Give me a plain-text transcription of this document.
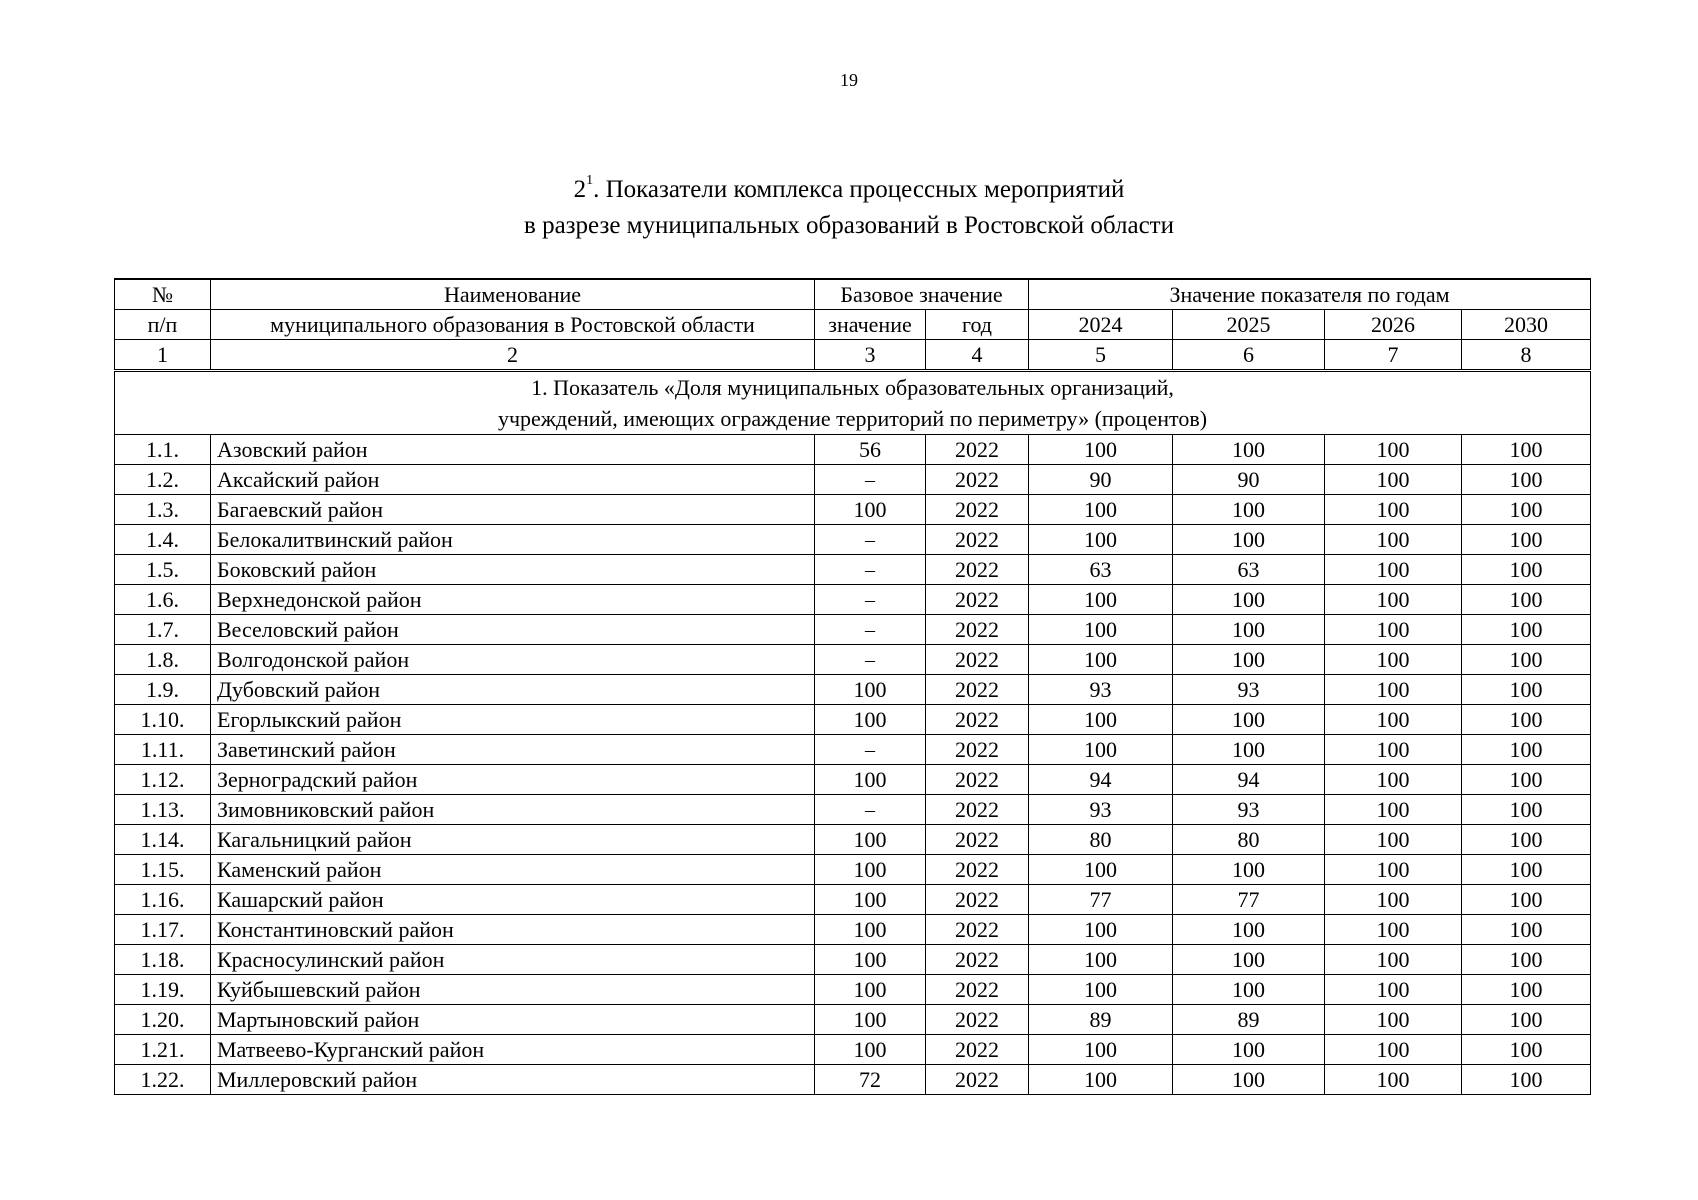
19
$2^1$. Показатели комплекса процессных мероприятий
в разрезе муниципальных образований в Ростовской области
№	Наименование	Базовое значение		Значение показателя по годам			
п/п	муниципального образования в Ростовской области	значение	год	2024	2025	2026	2030
1	2	3	4	5	6	7	8

1. Показатель «Доля муниципальных образовательных организаций,
учреждений, имеющих ограждение территорий по периметру» (процентов)							

1.1.	Азовский район	56	2022	100	100	100	100
1.2.	Аксайский район	–	2022	90	90	100	100
1.3.	Багаевский район	100	2022	100	100	100	100
1.4.	Белокалитвинский район	–	2022	100	100	100	100
1.5.	Боковский район	–	2022	63	63	100	100
1.6.	Верхнедонской район	–	2022	100	100	100	100
1.7.	Веселовский район	–	2022	100	100	100	100
1.8.	Волгодонской район	–	2022	100	100	100	100
1.9.	Дубовский район	100	2022	93	93	100	100
1.10.	Егорлыкский район	100	2022	100	100	100	100
1.11.	Заветинский район	–	2022	100	100	100	100
1.12.	Зерноградский район	100	2022	94	94	100	100
1.13.	Зимовниковский район	–	2022	93	93	100	100
1.14.	Кагальницкий район	100	2022	80	80	100	100
1.15.	Каменский район	100	2022	100	100	100	100
1.16.	Кашарский район	100	2022	77	77	100	100
1.17.	Константиновский район	100	2022	100	100	100	100
1.18.	Красносулинский район	100	2022	100	100	100	100
1.19.	Куйбышевский район	100	2022	100	100	100	100
1.20.	Мартыновский район	100	2022	89	89	100	100
1.21.	Матвеево-Курганский район	100	2022	100	100	100	100
1.22.	Миллеровский район	72	2022	100	100	100	100
